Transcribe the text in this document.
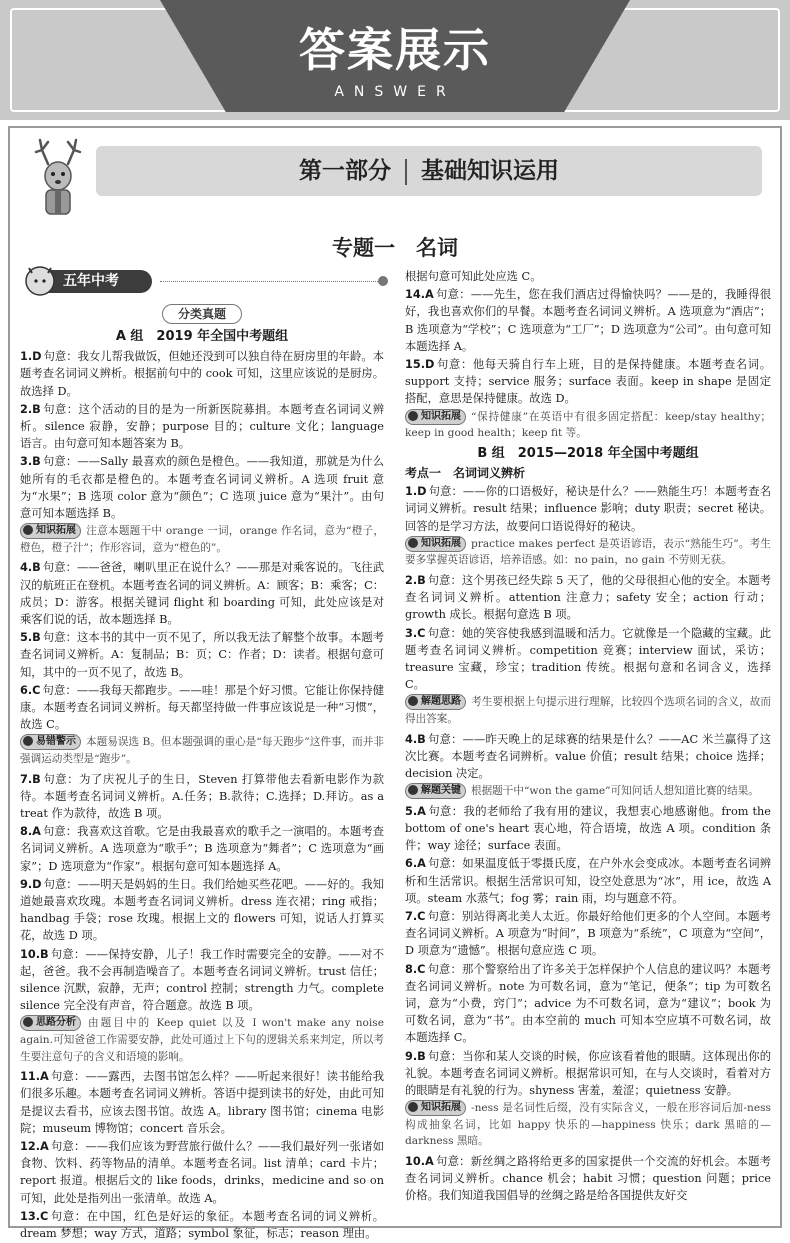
答案展示
ANSWER
第一部分 基础知识运用
专题一　名词
五年中考
分类真题
A 组　2019 年全国中考题组
1.D 句意：我女儿帮我做饭，但她还没到可以独自待在厨房里的年龄。本题考查名词词义辨析。根据前句中的 cook 可知，这里应该说的是厨房。故选择 D。
2.B 句意：这个活动的目的是为一所新医院募捐。本题考查名词词义辨析。silence 寂静，安静；purpose 目的；culture 文化；language 语言。由句意可知本题答案为 B。
3.B 句意：——Sally 最喜欢的颜色是橙色。——我知道，那就是为什么她所有的毛衣都是橙色的。本题考查名词词义辨析。A 选项 fruit 意为“水果”；B 选项 color 意为“颜色”；C 选项 juice 意为“果汁”。由句意可知本题选择 B。
知识拓展 注意本题题干中 orange 一词，orange 作名词，意为“橙子，橙色，橙子汁”；作形容词，意为“橙色的”。
4.B 句意：——爸爸，喇叭里正在说什么？——那是对乘客说的。飞往武汉的航班正在登机。本题考查名词的词义辨析。A：顾客；B：乘客；C：成员；D：游客。根据关键词 flight 和 boarding 可知，此处应该是对乘客们说的话，故本题选择 B。
5.B 句意：这本书的其中一页不见了，所以我无法了解整个故事。本题考查名词词义辨析。A：复制品；B：页；C：作者；D：读者。根据句意可知，其中的一页不见了，故选 B。
6.C 句意：——我每天都跑步。——哇！那是个好习惯。它能让你保持健康。本题考查名词词义辨析。每天都坚持做一件事应该说是一种“习惯”，故选 C。
易错警示 本题易误选 B。但本题强调的重心是“每天跑步”这件事，而并非强调运动类型是“跑步”。
7.B 句意：为了庆祝儿子的生日，Steven 打算带他去看新电影作为款待。本题考查名词词义辨析。A.任务；B.款待；C.选择；D.拜访。as a treat 作为款待，故选 B 项。
8.A 句意：我喜欢这首歌。它是由我最喜欢的歌手之一演唱的。本题考查名词词义辨析。A 选项意为“歌手”；B 选项意为“舞者”；C 选项意为“画家”；D 选项意为“作家”。根据句意可知本题选择 A。
9.D 句意：——明天是妈妈的生日。我们给她买些花吧。——好的。我知道她最喜欢玫瑰。本题考查名词词义辨析。dress 连衣裙；ring 戒指；handbag 手袋；rose 玫瑰。根据上文的 flowers 可知，说话人打算买花，故选 D 项。
10.B 句意：——保持安静，儿子！我工作时需要完全的安静。——对不起，爸爸。我不会再制造噪音了。本题考查名词词义辨析。trust 信任；silence 沉默，寂静，无声；control 控制；strength 力气。complete silence 完全没有声音，符合题意。故选 B 项。
思路分析 由题目中的 Keep quiet 以及 I won't make any noise again.可知爸爸工作需要安静，此处可通过上下句的逻辑关系来判定，所以考生要注意句子的含义和语境的影响。
11.A 句意：——露西，去图书馆怎么样？——听起来很好！读书能给我们很多乐趣。本题考查名词词义辨析。答语中提到读书的好处，由此可知是提议去看书，应该去图书馆。故选 A。library 图书馆；cinema 电影院；museum 博物馆；concert 音乐会。
12.A 句意：——我们应该为野营旅行做什么？——我们最好列一张诸如食物、饮料、药等物品的清单。本题考查名词。list 清单；card 卡片；report 报道。根据后文的 like foods，drinks，medicine and so on 可知，此处是指列出一张清单。故选 A。
13.C 句意：在中国，红色是好运的象征。本题考查名词的词义辨析。dream 梦想；way 方式，道路；symbol 象征，标志；reason 理由。
根据句意可知此处应选 C。
14.A 句意：——先生，您在我们酒店过得愉快吗？——是的，我睡得很好，我也喜欢你们的早餐。本题考查名词词义辨析。A 选项意为“酒店”；B 选项意为“学校”；C 选项意为“工厂”；D 选项意为“公司”。由句意可知本题选择 A。
15.D 句意：他每天骑自行车上班，目的是保持健康。本题考查名词。support 支持；service 服务；surface 表面。keep in shape 是固定搭配，意思是保持健康。故选 D。
知识拓展 “保持健康”在英语中有很多固定搭配：keep/stay healthy；keep in good health；keep fit 等。
B 组　2015—2018 年全国中考题组
考点一　名词词义辨析
1.D 句意：——你的口语极好，秘诀是什么？——熟能生巧！本题考查名词词义辨析。result 结果；influence 影响；duty 职责；secret 秘诀。回答的是学习方法，故要问口语说得好的秘诀。
知识拓展 practice makes perfect 是英语谚语，表示“熟能生巧”。考生要多掌握英语谚语，培养语感。如：no pain，no gain 不劳则无获。
2.B 句意：这个男孩已经失踪 5 天了，他的父母很担心他的安全。本题考查名词词义辨析。attention 注意力；safety 安全；action 行动；growth 成长。根据句意选 B 项。
3.C 句意：她的笑容使我感到温暖和活力。它就像是一个隐藏的宝藏。此题考查名词词义辨析。competition 竞赛；interview 面试，采访；treasure 宝藏，珍宝；tradition 传统。根据句意和名词含义，选择 C。
解题思路 考生要根据上句提示进行理解，比较四个选项名词的含义，故而得出答案。
4.B 句意：——昨天晚上的足球赛的结果是什么？——AC 米兰赢得了这次比赛。本题考查名词辨析。value 价值；result 结果；choice 选择；decision 决定。
解题关键 根据题干中“won the game”可知问话人想知道比赛的结果。
5.A 句意：我的老师给了我有用的建议，我想衷心地感谢他。from the bottom of one's heart 衷心地，符合语境，故选 A 项。condition 条件；way 途径；surface 表面。
6.A 句意：如果温度低于零摄氏度，在户外水会变成冰。本题考查名词辨析和生活常识。根据生活常识可知，设空处意思为“冰”，用 ice，故选 A 项。steam 水蒸气；fog 雾；rain 雨，均与题意不符。
7.C 句意：别站得离北美人太近。你最好给他们更多的个人空间。本题考查名词词义辨析。A 项意为“时间”，B 项意为“系统”，C 项意为“空间”，D 项意为“遗憾”。根据句意应选 C 项。
8.C 句意：那个警察给出了许多关于怎样保护个人信息的建议吗？本题考查名词词义辨析。note 为可数名词，意为“笔记，便条”；tip 为可数名词，意为“小费，窍门”；advice 为不可数名词，意为“建议”；book 为可数名词，意为“书”。由本空前的 much 可知本空应填不可数名词，故本题选择 C。
9.B 句意：当你和某人交谈的时候，你应该看着他的眼睛。这体现出你的礼貌。本题考查名词词义辨析。根据常识可知，在与人交谈时，看着对方的眼睛是有礼貌的行为。shyness 害羞，羞涩；quietness 安静。
知识拓展 -ness 是名词性后缀，没有实际含义，一般在形容词后加-ness 构成抽象名词，比如 happy 快乐的—happiness 快乐；dark 黑暗的—darkness 黑暗。
10.A 句意：新丝绸之路将给更多的国家提供一个交流的好机会。本题考查名词词义辨析。chance 机会；habit 习惯；question 问题；price 价格。我们知道我国倡导的丝绸之路是给各国提供友好交
